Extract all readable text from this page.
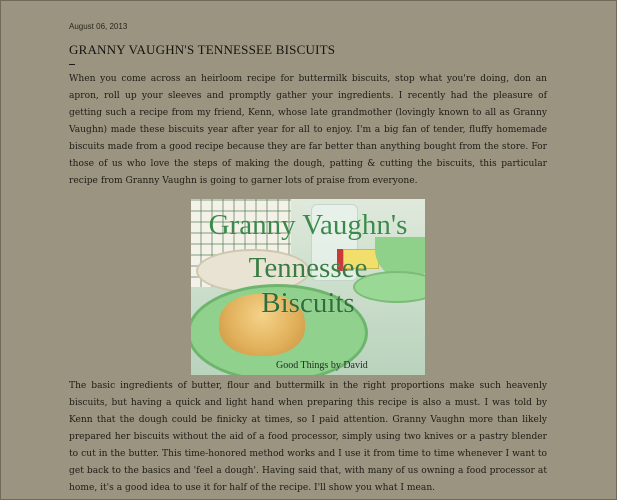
August 06, 2013
GRANNY VAUGHN'S TENNESSEE BISCUITS

When you come across an heirloom recipe for buttermilk biscuits, stop what you're doing, don an apron, roll up your sleeves and promptly gather your ingredients. I recently had the pleasure of getting such a recipe from my friend, Kenn, whose late grandmother (lovingly known to all as Granny Vaughn) made these biscuits year after year for all to enjoy. I'm a big fan of tender, fluffy homemade biscuits made from a good recipe because they are far better than anything bought from the store. For those of us who love the steps of making the dough, patting & cutting the biscuits, this particular recipe from Granny Vaughn is going to garner lots of praise from everyone.

The basic ingredients of butter, flour and buttermilk in the right proportions make such heavenly biscuits, but having a quick and light hand when preparing this recipe is also a must. I was told by Kenn that the dough could be finicky at times, so I paid attention. Granny Vaughn more than likely prepared her biscuits without the aid of a food processor, simply using two knives or a pastry blender to cut in the butter. This time-honored method works and I use it from time to time whenever I want to get back to the basics and 'feel a dough'. Having said that, with many of us owning a food processor at home, it's a good idea to use it for half of the recipe. I'll show you what I mean.

Granny Vaughn's
Tennessee
Biscuits
Good Things by David
